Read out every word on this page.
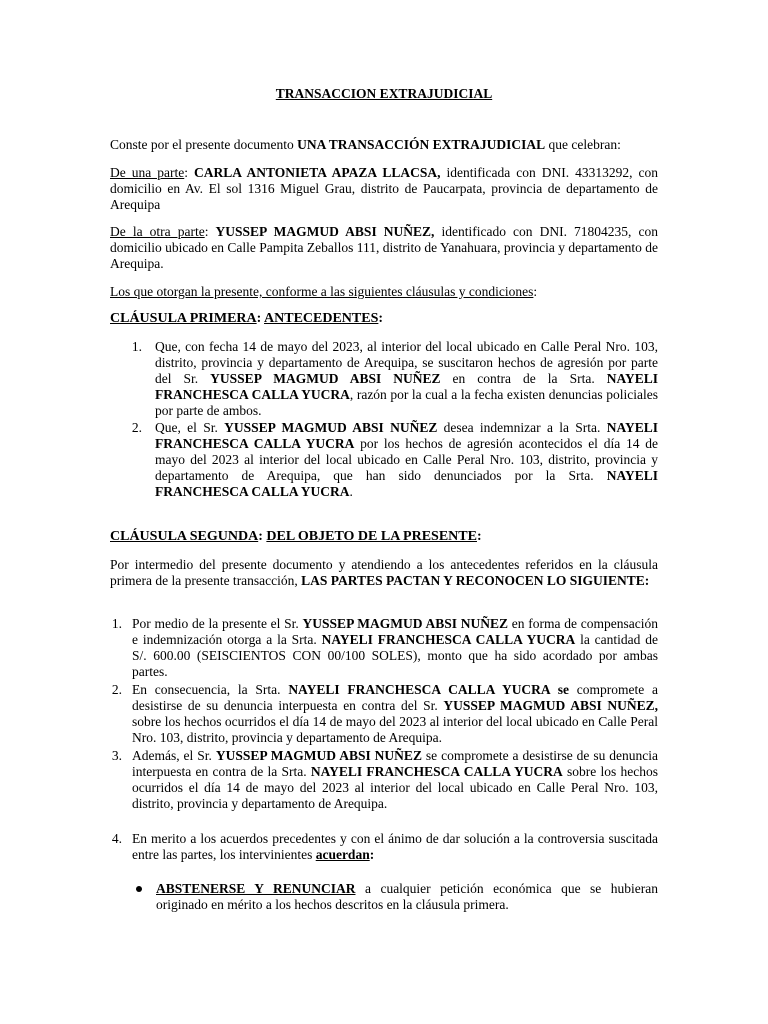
TRANSACCION EXTRAJUDICIAL
Conste por el presente documento UNA TRANSACCIÓN EXTRAJUDICIAL que celebran:
De una parte: CARLA ANTONIETA APAZA LLACSA, identificada con DNI. 43313292, con domicilio en Av. El sol 1316 Miguel Grau, distrito de Paucarpata, provincia de departamento de Arequipa
De la otra parte: YUSSEP MAGMUD ABSI NUÑEZ, identificado con DNI. 71804235, con domicilio ubicado en Calle Pampita Zeballos 111, distrito de Yanahuara, provincia y departamento de Arequipa.
Los que otorgan la presente, conforme a las siguientes cláusulas y condiciones:
CLÁUSULA PRIMERA: ANTECEDENTES:
1. Que, con fecha 14 de mayo del 2023, al interior del local ubicado en Calle Peral Nro. 103, distrito, provincia y departamento de Arequipa, se suscitaron hechos de agresión por parte del Sr. YUSSEP MAGMUD ABSI NUÑEZ en contra de la Srta. NAYELI FRANCHESCA CALLA YUCRA, razón por la cual a la fecha existen denuncias policiales por parte de ambos.
2. Que, el Sr. YUSSEP MAGMUD ABSI NUÑEZ desea indemnizar a la Srta. NAYELI FRANCHESCA CALLA YUCRA por los hechos de agresión acontecidos el día 14 de mayo del 2023 al interior del local ubicado en Calle Peral Nro. 103, distrito, provincia y departamento de Arequipa, que han sido denunciados por la Srta. NAYELI FRANCHESCA CALLA YUCRA.
CLÁUSULA SEGUNDA: DEL OBJETO DE LA PRESENTE:
Por intermedio del presente documento y atendiendo a los antecedentes referidos en la cláusula primera de la presente transacción, LAS PARTES PACTAN Y RECONOCEN LO SIGUIENTE:
1. Por medio de la presente el Sr. YUSSEP MAGMUD ABSI NUÑEZ en forma de compensación e indemnización otorga a la Srta. NAYELI FRANCHESCA CALLA YUCRA la cantidad de S/. 600.00 (SEISCIENTOS CON 00/100 SOLES), monto que ha sido acordado por ambas partes.
2. En consecuencia, la Srta. NAYELI FRANCHESCA CALLA YUCRA se compromete a desistirse de su denuncia interpuesta en contra del Sr. YUSSEP MAGMUD ABSI NUÑEZ, sobre los hechos ocurridos el día 14 de mayo del 2023 al interior del local ubicado en Calle Peral Nro. 103, distrito, provincia y departamento de Arequipa.
3. Además, el Sr. YUSSEP MAGMUD ABSI NUÑEZ se compromete a desistirse de su denuncia interpuesta en contra de la Srta. NAYELI FRANCHESCA CALLA YUCRA sobre los hechos ocurridos el día 14 de mayo del 2023 al interior del local ubicado en Calle Peral Nro. 103, distrito, provincia y departamento de Arequipa.
4. En merito a los acuerdos precedentes y con el ánimo de dar solución a la controversia suscitada entre las partes, los intervinientes acuerdan:
ABSTENERSE Y RENUNCIAR a cualquier petición económica que se hubieran originado en mérito a los hechos descritos en la cláusula primera.
